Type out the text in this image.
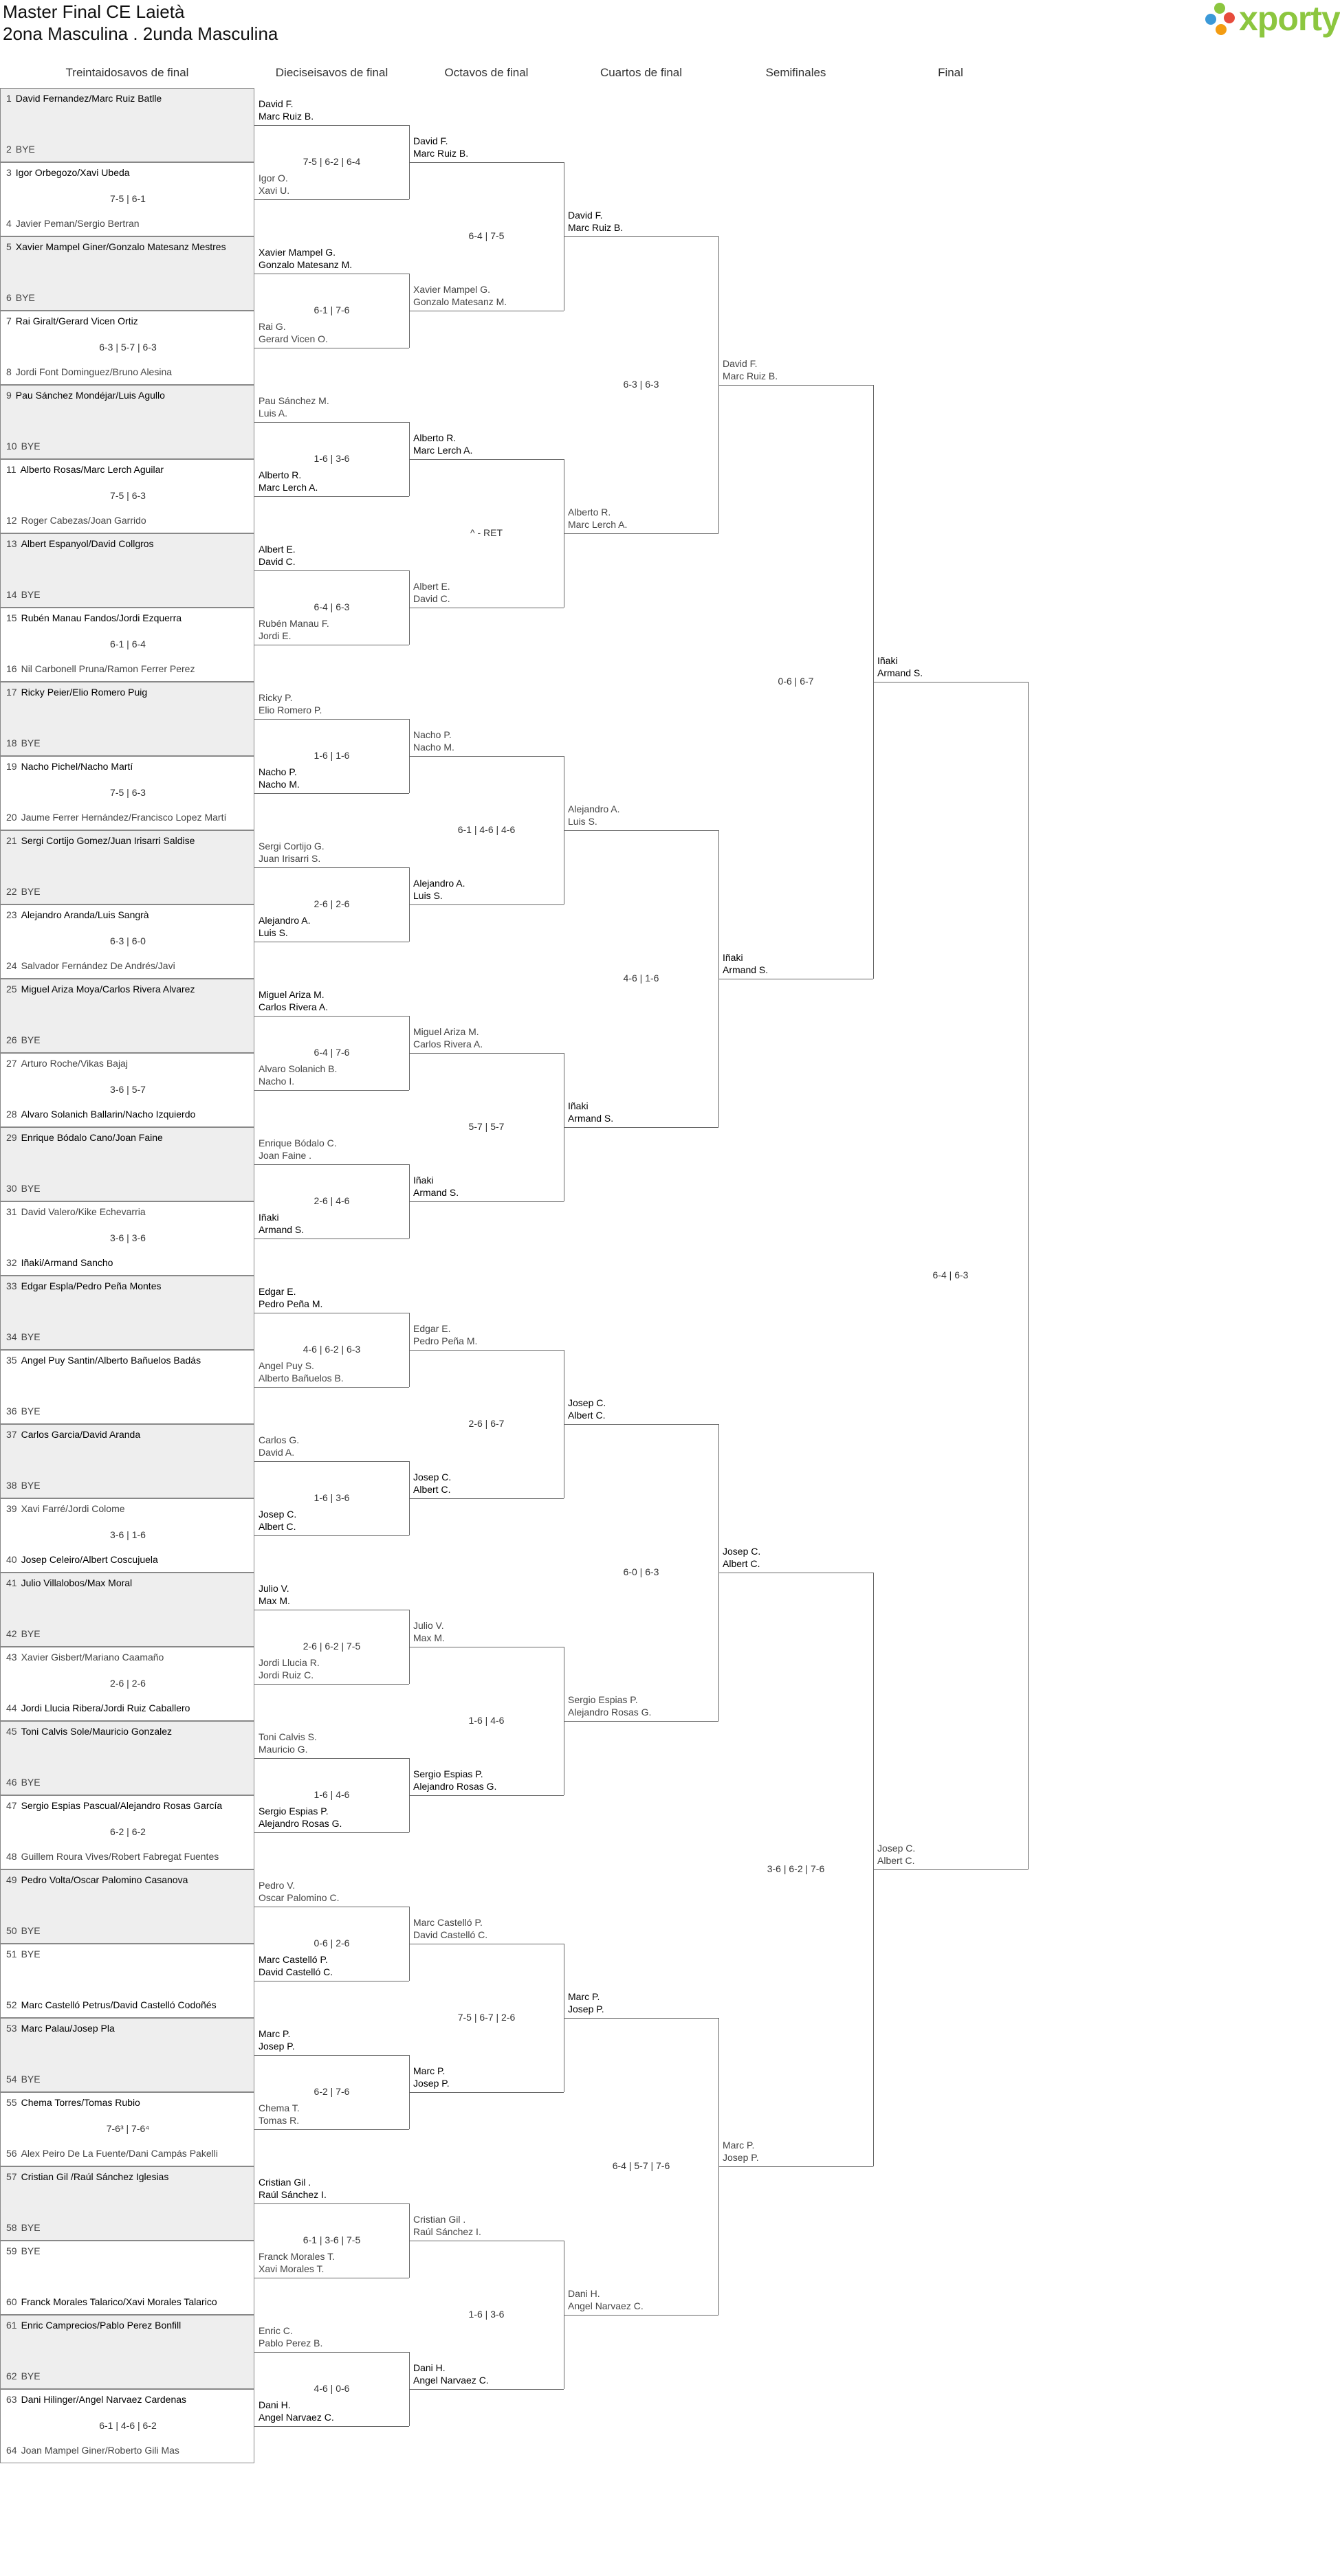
Master Final CE Laietà
2ona Masculina . 2unda Masculina	xporty
1 David Fernandez/Marc Ruiz Batlle
2 BYE
3 Igor Orbegozo/Xavi Ubeda
4 Javier Peman/Sergio Bertran
7-5 | 6-1
5 Xavier Mampel Giner/Gonzalo Matesanz Mestres
6 BYE
7 Rai Giralt/Gerard Vicen Ortiz
8 Jordi Font Dominguez/Bruno Alesina
6-3 | 5-7 | 6-3
9 Pau Sánchez Mondéjar/Luis Agullo
10 BYE
11 Alberto Rosas/Marc Lerch Aguilar
12 Roger Cabezas/Joan Garrido
7-5 | 6-3
13 Albert Espanyol/David Collgros
14 BYE
15 Rubén Manau Fandos/Jordi Ezquerra
16 Nil Carbonell Pruna/Ramon Ferrer Perez
6-1 | 6-4
17 Ricky Peier/Elio Romero Puig
18 BYE
19 Nacho Pichel/Nacho Martí
20 Jaume Ferrer Hernández/Francisco Lopez Martí
7-5 | 6-3
21 Sergi Cortijo Gomez/Juan Irisarri Saldise
22 BYE
23 Alejandro Aranda/Luis Sangrà
24 Salvador Fernández De Andrés/Javi
6-3 | 6-0
25 Miguel Ariza Moya/Carlos Rivera Alvarez
26 BYE
27 Arturo Roche/Vikas Bajaj
28 Alvaro Solanich Ballarin/Nacho Izquierdo
3-6 | 5-7
29 Enrique Bódalo Cano/Joan Faine
30 BYE
31 David Valero/Kike Echevarria
32 Iñaki/Armand Sancho
3-6 | 3-6
33 Edgar Espla/Pedro Peña Montes
34 BYE
35 Angel Puy Santin/Alberto Bañuelos Badás
36 BYE
37 Carlos Garcia/David Aranda
38 BYE
39 Xavi Farré/Jordi Colome
40 Josep Celeiro/Albert Coscujuela
3-6 | 1-6
41 Julio Villalobos/Max Moral
42 BYE
43 Xavier Gisbert/Mariano Caamaño
44 Jordi Llucia Ribera/Jordi Ruiz Caballero
2-6 | 2-6
45 Toni Calvis Sole/Mauricio Gonzalez
46 BYE
47 Sergio Espias Pascual/Alejandro Rosas García
48 Guillem Roura Vives/Robert Fabregat Fuentes
6-2 | 6-2
49 Pedro Volta/Oscar Palomino Casanova
50 BYE
51 BYE
52 Marc Castelló Petrus/David Castelló Codoñés
53 Marc Palau/Josep Pla
54 BYE
55 Chema Torres/Tomas Rubio
56 Alex Peiro De La Fuente/Dani Campás Pakelli
7-6³ | 7-6⁴
57 Cristian Gil /Raúl Sánchez Iglesias
58 BYE
59 BYE
60 Franck Morales Talarico/Xavi Morales Talarico
61 Enric Camprecios/Pablo Perez Bonfill
62 BYE
63 Dani Hilinger/Angel Narvaez Cardenas
64 Joan Mampel Giner/Roberto Gili Mas
6-1 | 4-6 | 6-2
David F.
Marc Ruiz B.
Igor O.
Xavi U.
7-5 | 6-2 | 6-4
Xavier Mampel G.
Gonzalo Matesanz M.
Rai G.
Gerard Vicen O.
6-1 | 7-6
Pau Sánchez M.
Luis A.
Alberto R.
Marc Lerch A.
1-6 | 3-6
Albert E.
David C.
Rubén Manau F.
Jordi E.
6-4 | 6-3
Ricky P.
Elio Romero P.
Nacho P.
Nacho M.
1-6 | 1-6
Sergi Cortijo G.
Juan Irisarri S.
Alejandro A.
Luis S.
2-6 | 2-6
Miguel Ariza M.
Carlos Rivera A.
Alvaro Solanich B.
Nacho I.
6-4 | 7-6
Enrique Bódalo C.
Joan Faine .
Iñaki
Armand S.
2-6 | 4-6
Edgar E.
Pedro Peña M.
Angel Puy S.
Alberto Bañuelos B.
4-6 | 6-2 | 6-3
Carlos G.
David A.
Josep C.
Albert C.
1-6 | 3-6
Julio V.
Max M.
Jordi Llucia R.
Jordi Ruiz C.
2-6 | 6-2 | 7-5
Toni Calvis S.
Mauricio G.
Sergio Espias P.
Alejandro Rosas G.
1-6 | 4-6
Pedro V.
Oscar Palomino C.
Marc Castelló P.
David Castelló C.
0-6 | 2-6
Marc P.
Josep P.
Chema T.
Tomas R.
6-2 | 7-6
Cristian Gil .
Raúl Sánchez I.
Franck Morales T.
Xavi Morales T.
6-1 | 3-6 | 7-5
Enric C.
Pablo Perez B.
Dani H.
Angel Narvaez C.
4-6 | 0-6
David F.
Marc Ruiz B.
Xavier Mampel G.
Gonzalo Matesanz M.
6-4 | 7-5
Alberto R.
Marc Lerch A.
Albert E.
David C.
^ - RET
Nacho P.
Nacho M.
Alejandro A.
Luis S.
6-1 | 4-6 | 4-6
Miguel Ariza M.
Carlos Rivera A.
Iñaki
Armand S.
5-7 | 5-7
Edgar E.
Pedro Peña M.
Josep C.
Albert C.
2-6 | 6-7
Julio V.
Max M.
Sergio Espias P.
Alejandro Rosas G.
1-6 | 4-6
Marc Castelló P.
David Castelló C.
Marc P.
Josep P.
7-5 | 6-7 | 2-6
Cristian Gil .
Raúl Sánchez I.
Dani H.
Angel Narvaez C.
1-6 | 3-6
David F.
Marc Ruiz B.
Alberto R.
Marc Lerch A.
6-3 | 6-3
Alejandro A.
Luis S.
Iñaki
Armand S.
4-6 | 1-6
Josep C.
Albert C.
Sergio Espias P.
Alejandro Rosas G.
6-0 | 6-3
Marc P.
Josep P.
Dani H.
Angel Narvaez C.
6-4 | 5-7 | 7-6
David F.
Marc Ruiz B.
Iñaki
Armand S.
0-6 | 6-7
Josep C.
Albert C.
Marc P.
Josep P.
3-6 | 6-2 | 7-6
Iñaki
Armand S.
Josep C.
Albert C.
6-4 | 6-3
Treintaidosavos de final	Dieciseisavos de final	Octavos de final	Cuartos de final	Semifinales	Final
